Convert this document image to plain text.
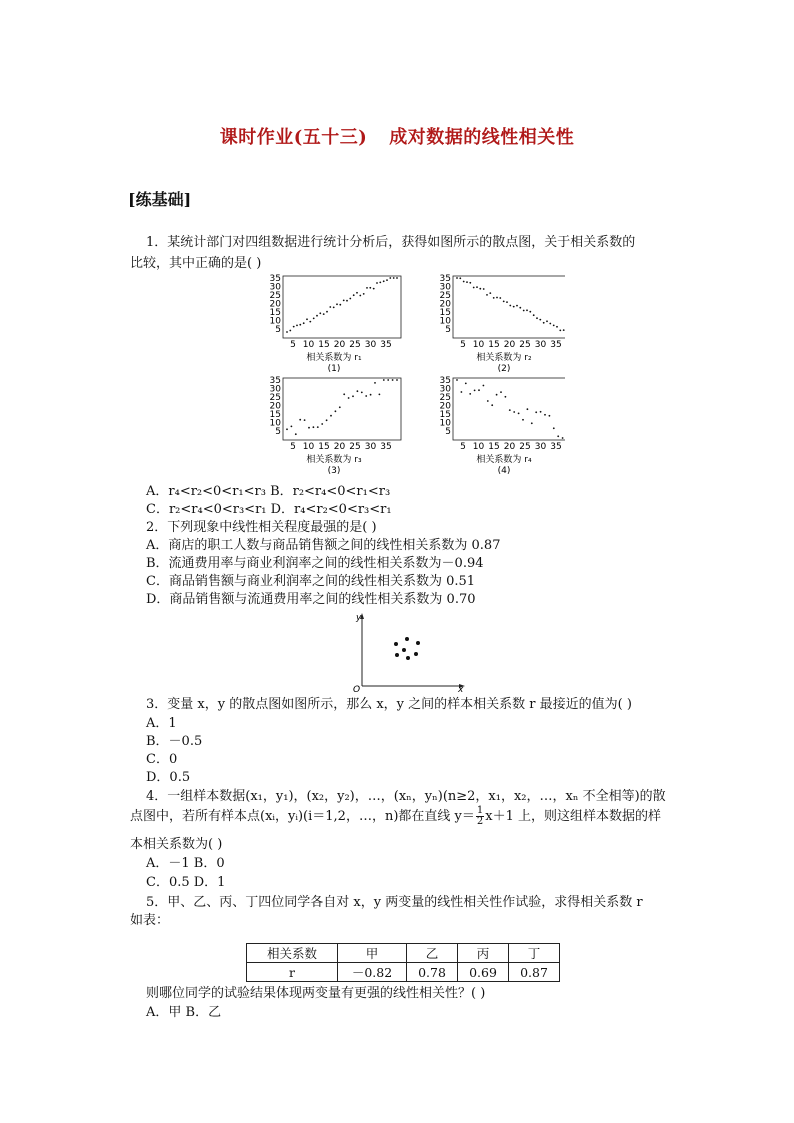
课时作业(五十三) 成对数据的线性相关性
[练基础]
1．某统计部门对四组数据进行统计分析后，获得如图所示的散点图，关于相关系数的
比较，其中正确的是( )
35
30
25
20
15
10
5
5 10 15 20 25 30 35
相关系数为 r₁
(1)
35
30
25
20
15
10
5
5 10 15 20 25 30 35
相关系数为 r₂
(2)
35
30
25
20
15
10
5
5 10 15 20 25 30 35
相关系数为 r₃
(3)
35
30
25
20
15
10
5
5 10 15 20 25 30 35
相关系数为 r₄
(4)
A．r₄<r₂<0<r₁<r₃ B．r₂<r₄<0<r₁<r₃
C．r₂<r₄<0<r₃<r₁ D．r₄<r₂<0<r₃<r₁
2．下列现象中线性相关程度最强的是( )
A．商店的职工人数与商品销售额之间的线性相关系数为 0.87
B．流通费用率与商业利润率之间的线性相关系数为－0.94
C．商品销售额与商业利润率之间的线性相关系数为 0.51
D．商品销售额与流通费用率之间的线性相关系数为 0.70
y
x
O
3．变量 x，y 的散点图如图所示，那么 x，y 之间的样本相关系数 r 最接近的值为( )
A．1
B．－0.5
C．0
D．0.5
4．一组样本数据(x₁，y₁)，(x₂，y₂)，…，(xₙ，yₙ)(n≥2，x₁，x₂，…，xₙ 不全相等)的散
点图中，若所有样本点(xᵢ，yᵢ)(i＝1,2，…，n)都在直线 $y= \frac{1}{2} x+1$ 上，则这组样本数据的样
本相关系数为( )
A．－1 B．0
C．0.5 D．1
5．甲、乙、丙、丁四位同学各自对 x，y 两变量的线性相关性作试验，求得相关系数 r
如表：
相关系数	甲	乙	丙	丁
r	－0.82	0.78	0.69	0.87
则哪位同学的试验结果体现两变量有更强的线性相关性？( )
A．甲 B．乙
